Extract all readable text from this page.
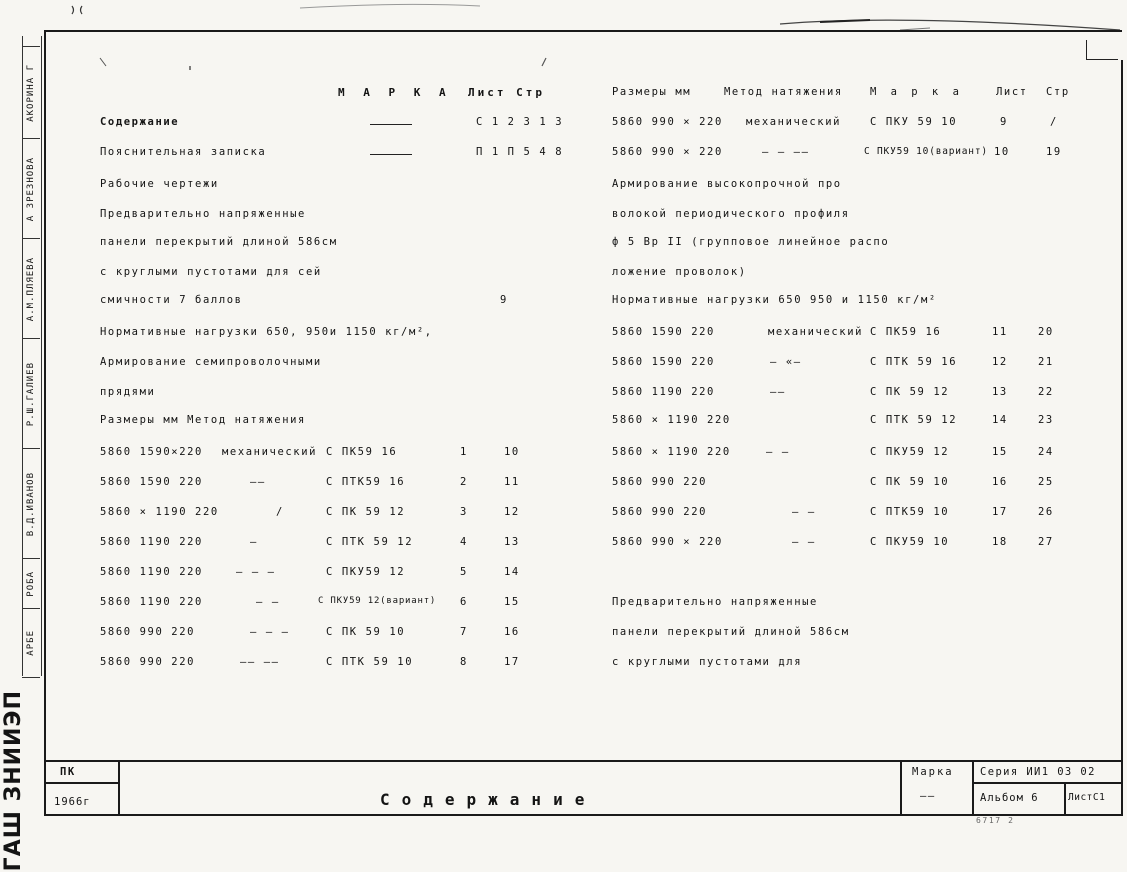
АКОРИНА Г
А ЗРЕЗНОВА
А.М.ПЛЯЕВА
Р.Ш.ГАЛИЕВ
В.Д.ИВАНОВ
РОБА
АРБЕ
ГАШ ЗНИИЭП
М А Р К А Лист Стр
Содержание	С 1 2 3 1 3
Пояснительная записка	П 1 П 5 4 8
Рабочие чертежи
Предварительно напряженные
панели перекрытий длиной 586см
с круглыми пустотами для сей
смичности 7 баллов	9
Нормативные нагрузки 650, 950и 1150 кг/м²,
Армирование семипроволочными
прядями
Размеры мм Метод натяжения
5860 1590×220 механический С ПК59 16	1	10
5860 1590 220	——	С ПТК59 16	2	11
5860 × 1190 220	/	С ПК 59 12	3	12
5860 1190 220	—	С ПТК 59 12	4	13
5860 1190 220	— — —	С ПКУ59 12	5	14
5860 1190 220	— —	С ПКУ59 12(вариант) 6	15
5860 990 220	— — —	С ПК 59 10	7	16
5860 990 220	—— ——	С ПТК 59 10	8	17
Размеры мм	Метод натяжения	М а р к а	Лист Стр
5860 990 × 220 механический	С ПКУ 59 10	9	/
5860 990 × 220	— — ——	С ПКУ59 10(вариант) 10	19
Армирование высокопрочной про
волокой периодического профиля
ф 5 Вр II (групповое линейное распо
ложение проволок)
Нормативные нагрузки 650 950 и 1150 кг/м²
5860 1590 220	механический С ПК59 16	11	20
5860 1590 220	— «—	С ПТК 59 16	12	21
5860 1190 220	——	С ПК 59 12	13	22
5860 × 1190 220	С ПТК 59 12	14	23
5860 × 1190 220	— —	С ПКУ59 12	15	24
5860 990 220	С ПК 59 10	16	25
5860 990 220	— —	С ПТК59 10	17	26
5860 990 × 220	— —	С ПКУ59 10	18	27
Предварительно напряженные
панели перекрытий длиной 586см
с круглыми пустотами для
ПК
1966г	Содержание
Марка
——
Серия ИИ1 03 02
Альбом 6	ЛистС1
6717 2
